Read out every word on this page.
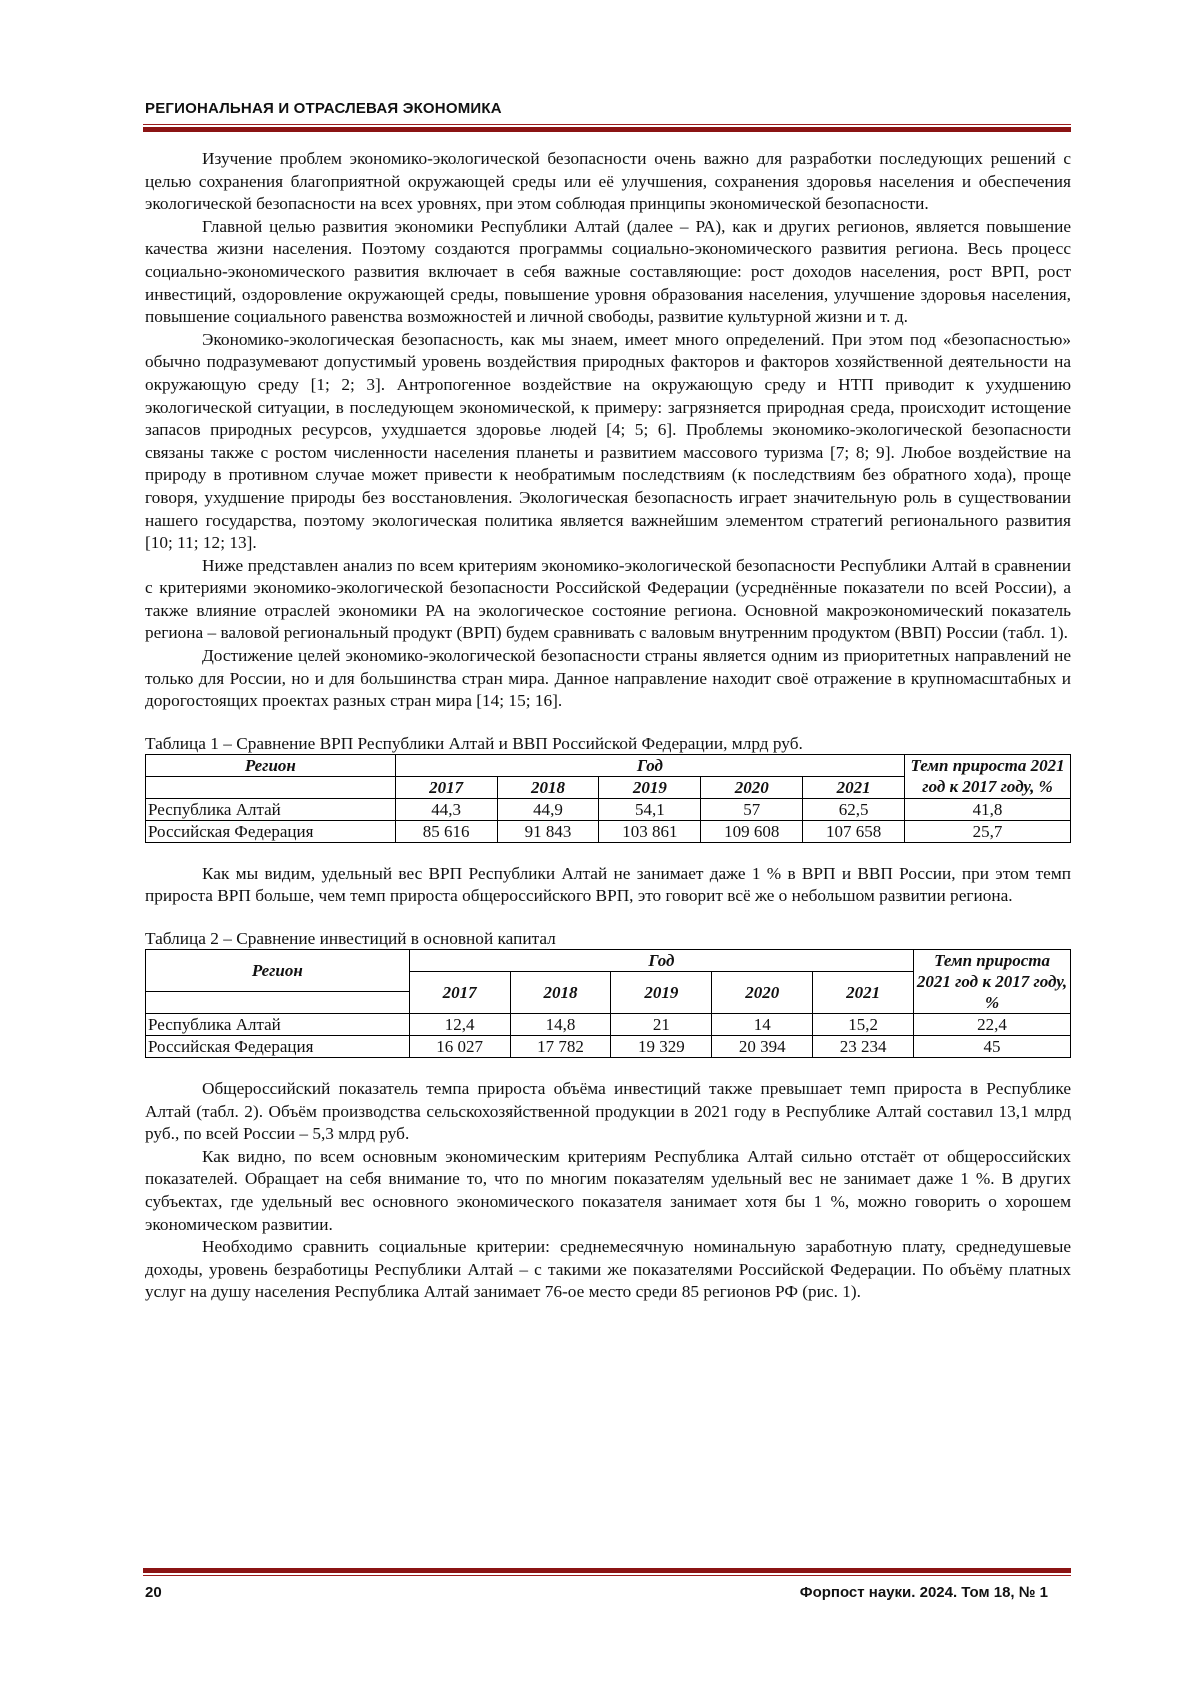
РЕГИОНАЛЬНАЯ И ОТРАСЛЕВАЯ ЭКОНОМИКА

Изучение проблем экономико-экологической безопасности очень важно для разработки последующих решений с целью сохранения благоприятной окружающей среды или её улучшения, сохранения здоровья населения и обеспечения экологической безопасности на всех уровнях, при этом соблюдая принципы экономической безопасности.

Главной целью развития экономики Республики Алтай (далее – РА), как и других регионов, является повышение качества жизни населения. Поэтому создаются программы социально-экономического развития региона. Весь процесс социально-экономического развития включает в себя важные составляющие: рост доходов населения, рост ВРП, рост инвестиций, оздоровление окружающей среды, повышение уровня образования населения, улучшение здоровья населения, повышение социального равенства возможностей и личной свободы, развитие культурной жизни и т. д.

Экономико-экологическая безопасность, как мы знаем, имеет много определений. При этом под «безопасностью» обычно подразумевают допустимый уровень воздействия природных факторов и факторов хозяйственной деятельности на окружающую среду [1; 2; 3]. Антропогенное воздействие на окружающую среду и НТП приводит к ухудшению экологической ситуации, в последующем экономической, к примеру: загрязняется природная среда, происходит истощение запасов природных ресурсов, ухудшается здоровье людей [4; 5; 6]. Проблемы экономико-экологической безопасности связаны также с ростом численности населения планеты и развитием массового туризма [7; 8; 9]. Любое воздействие на природу в противном случае может привести к необратимым последствиям (к последствиям без обратного хода), проще говоря, ухудшение природы без восстановления. Экологическая безопасность играет значительную роль в существовании нашего государства, поэтому экологическая политика является важнейшим элементом стратегий регионального развития [10; 11; 12; 13].

Ниже представлен анализ по всем критериям экономико-экологической безопасности Республики Алтай в сравнении с критериями экономико-экологической безопасности Российской Федерации (усреднённые показатели по всей России), а также влияние отраслей экономики РА на экологическое состояние региона. Основной макроэкономический показатель региона – валовой региональный продукт (ВРП) будем сравнивать с валовым внутренним продуктом (ВВП) России (табл. 1).

Достижение целей экономико-экологической безопасности страны является одним из приоритетных направлений не только для России, но и для большинства стран мира. Данное направление находит своё отражение в крупномасштабных и дорогостоящих проектах разных стран мира [14; 15; 16].

Таблица 1 – Сравнение ВРП Республики Алтай и ВВП Российской Федерации, млрд руб.

Регион	Год					Темп прироста 2021 год к 2017 году, %
	2017	2018	2019	2020	2021	

Республика Алтай	44,3	44,9	54,1	57	62,5	41,8
Российская Федерация	85 616	91 843	103 861	109 608	107 658	25,7

Как мы видим, удельный вес ВРП Республики Алтай не занимает даже 1 % в ВРП и ВВП России, при этом темп прироста ВРП больше, чем темп прироста общероссийского ВРП, это говорит всё же о небольшом развитии региона.

Таблица 2 – Сравнение инвестиций в основной капитал

Регион	Год					Темп прироста 2021 год к 2017 году, %
	2017	2018	2019	2020	2021	

Республика Алтай	12,4	14,8	21	14	15,2	22,4
Российская Федерация	16 027	17 782	19 329	20 394	23 234	45

Общероссийский показатель темпа прироста объёма инвестиций также превышает темп прироста в Республике Алтай (табл. 2). Объём производства сельскохозяйственной продукции в 2021 году в Республике Алтай составил 13,1 млрд руб., по всей России – 5,3 млрд руб.

Как видно, по всем основным экономическим критериям Республика Алтай сильно отстаёт от общероссийских показателей. Обращает на себя внимание то, что по многим показателям удельный вес не занимает даже 1 %. В других субъектах, где удельный вес основного экономического показателя занимает хотя бы 1 %, можно говорить о хорошем экономическом развитии.

Необходимо сравнить социальные критерии: среднемесячную номинальную заработную плату, среднедушевые доходы, уровень безработицы Республики Алтай – с такими же показателями Российской Федерации. По объёму платных услуг на душу населения Республика Алтай занимает 76-ое место среди 85 регионов РФ (рис. 1).

20	Форпост науки. 2024. Том 18, № 1
